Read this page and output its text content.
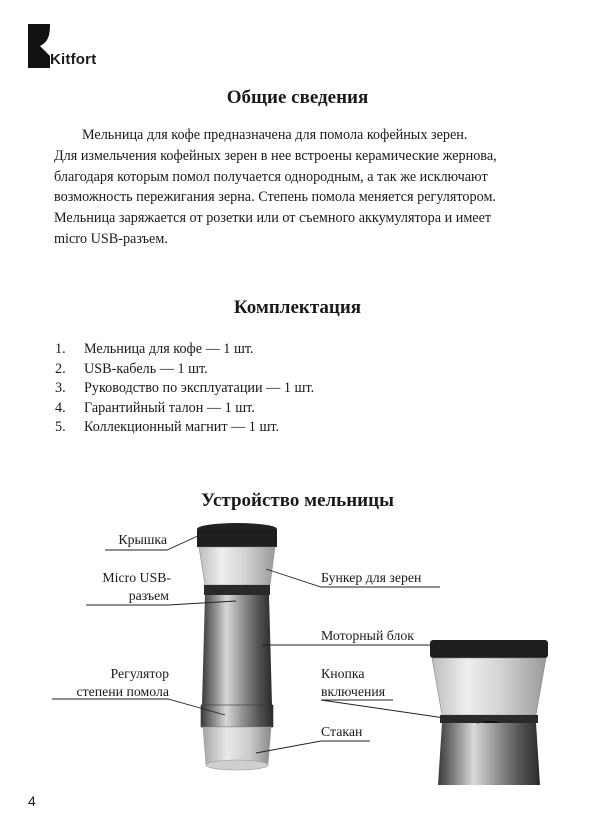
Kitfort
Общие сведения

Мельница для кофе предназначена для помола кофейных зерен.

Для измельчения кофейных зерен в нее встроены керамические жернова,
благодаря которым помол получается однородным, а так же исключают
возможность пережигания зерна. Степень помола меняется регулятором.
Мельница заряжается от розетки или от съемного аккумулятора и имеет
micro USB-разъем.
Комплектация
1.	Мельница для кофе — 1 шт.
2.	USB-кабель — 1 шт.
3.	Руководство по эксплуатации — 1 шт.
4.	Гарантийный талон — 1 шт.
5.	Коллекционный магнит — 1 шт.
Устройство мельницы
Крышка
Micro USB-
разъем
Регулятор
степени помола
Бункер для зерен
Моторный блок
Кнопка
включения
Стакан
4
